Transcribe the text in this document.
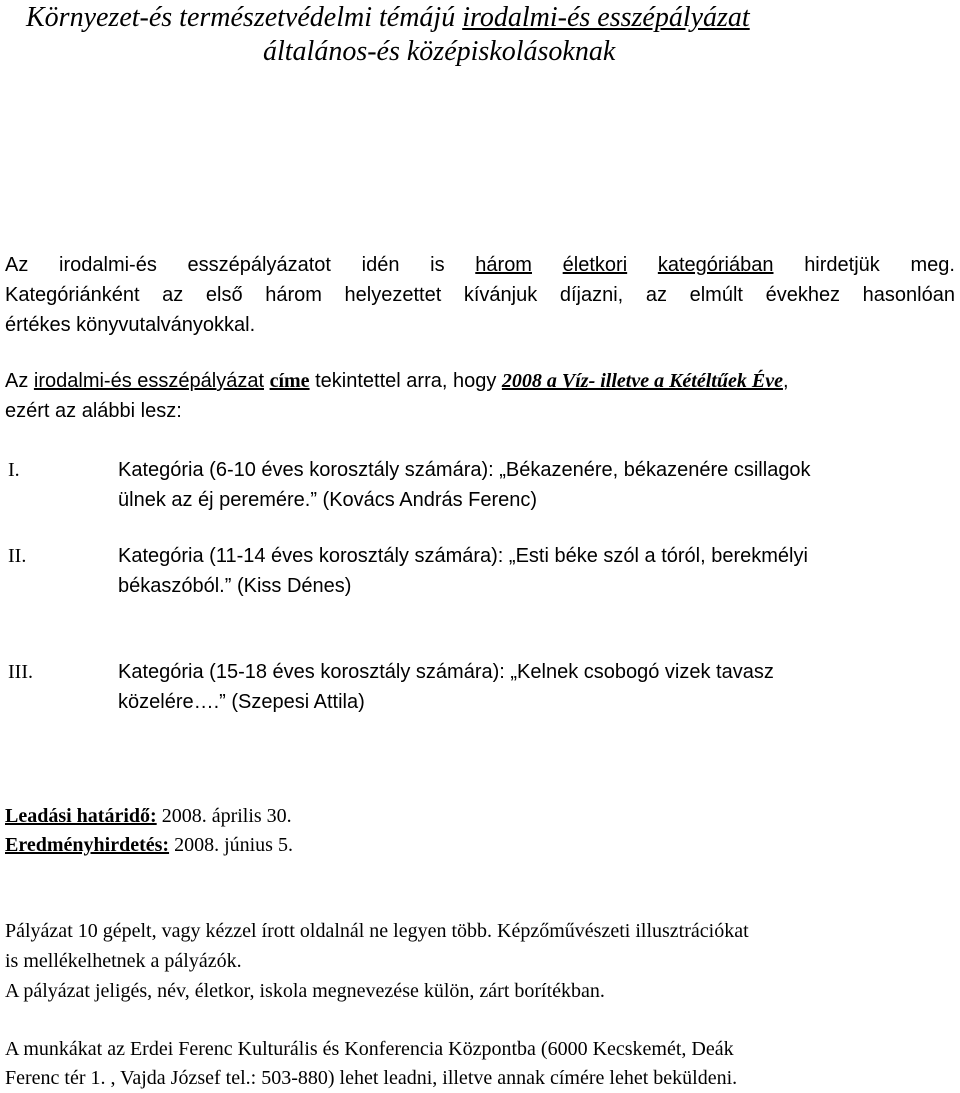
Környezet-és természetvédelmi témájú irodalmi-és esszépályázat
általános-és középiskolásoknak
Az irodalmi-és esszépályázatot idén is három életkori kategóriában hirdetjük meg.
Kategóriánként az első három helyezettet kívánjuk díjazni, az elmúlt évekhez hasonlóan
értékes könyvutalványokkal.
Az irodalmi-és esszépályázat címe tekintettel arra, hogy 2008 a Víz- illetve a Kétéltűek Éve,
ezért az alábbi lesz:
I.	Kategória (6-10 éves korosztály számára): „Békazenére, békazenére csillagok
ülnek az éj peremére.” (Kovács András Ferenc)
II.	Kategória (11-14 éves korosztály számára): „Esti béke szól a tóról, berekmélyi
békaszóból.” (Kiss Dénes)
III.	Kategória (15-18 éves korosztály számára): „Kelnek csobogó vizek tavasz
közelére….” (Szepesi Attila)
Leadási határidő: 2008. április 30.
Eredményhirdetés: 2008. június 5.
Pályázat 10 gépelt, vagy kézzel írott oldalnál ne legyen több. Képzőművészeti illusztrációkat
is mellékelhetnek a pályázók.
A pályázat jeligés, név, életkor, iskola megnevezése külön, zárt borítékban.
A munkákat az Erdei Ferenc Kulturális és Konferencia Központba (6000 Kecskemét, Deák
Ferenc tér 1. , Vajda József tel.: 503-880) lehet leadni, illetve annak címére lehet beküldeni.
